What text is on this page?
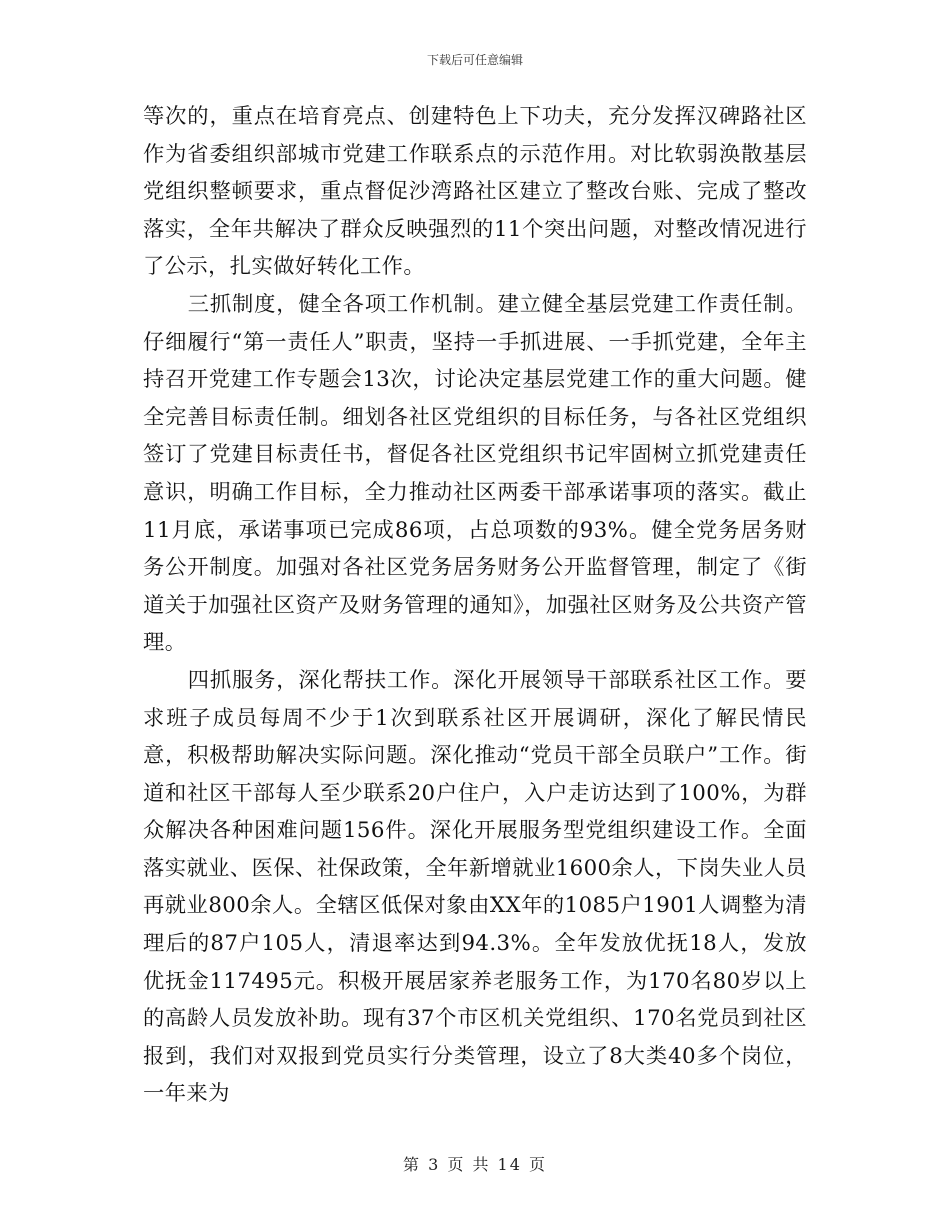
下载后可任意编辑

等次的，重点在培育亮点、创建特色上下功夫，充分发挥汉碑路社区作为省委组织部城市党建工作联系点的示范作用。对比软弱涣散基层党组织整顿要求，重点督促沙湾路社区建立了整改台账、完成了整改落实，全年共解决了群众反映强烈的11个突出问题，对整改情况进行了公示，扎实做好转化工作。

三抓制度，健全各项工作机制。建立健全基层党建工作责任制。仔细履行“第一责任人”职责，坚持一手抓进展、一手抓党建，全年主持召开党建工作专题会13次，讨论决定基层党建工作的重大问题。健全完善目标责任制。细划各社区党组织的目标任务，与各社区党组织签订了党建目标责任书，督促各社区党组织书记牢固树立抓党建责任意识，明确工作目标，全力推动社区两委干部承诺事项的落实。截止11月底，承诺事项已完成86项，占总项数的93%。健全党务居务财务公开制度。加强对各社区党务居务财务公开监督管理，制定了《街道关于加强社区资产及财务管理的通知》，加强社区财务及公共资产管理。

四抓服务，深化帮扶工作。深化开展领导干部联系社区工作。要求班子成员每周不少于1次到联系社区开展调研，深化了解民情民意，积极帮助解决实际问题。深化推动“党员干部全员联户”工作。街道和社区干部每人至少联系20户住户，入户走访达到了100%，为群众解决各种困难问题156件。深化开展服务型党组织建设工作。全面落实就业、医保、社保政策，全年新增就业1600余人，下岗失业人员再就业800余人。全辖区低保对象由XX年的1085户1901人调整为清理后的87户105人，清退率达到94.3%。全年发放优抚18人，发放优抚金117495元。积极开展居家养老服务工作，为170名80岁以上的高龄人员发放补助。现有37个市区机关党组织、170名党员到社区报到，我们对双报到党员实行分类管理，设立了8大类40多个岗位，一年来为

第 3 页 共 14 页
